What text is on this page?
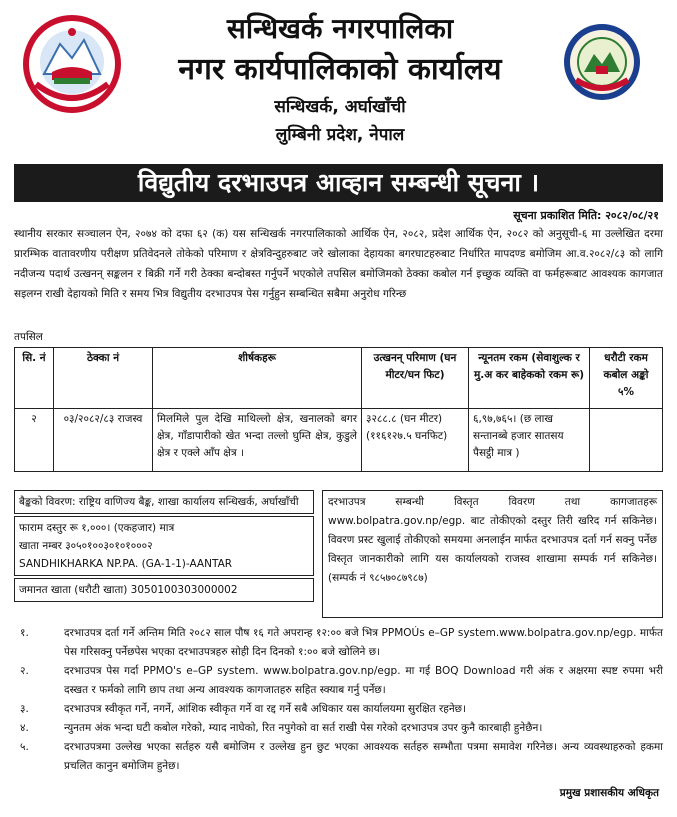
सन्धिखर्क नगरपालिका
नगर कार्यपालिकाको कार्यालय
सन्धिखर्क, अर्घाखाँची
लुम्बिनी प्रदेश, नेपाल
विद्युतीय दरभाउपत्र आव्हान सम्बन्धी सूचना ।
सूचना प्रकाशित मिति: २०८२/०८/२१
स्थानीय सरकार सञ्चालन ऐन, २०७४ को दफा ६२ (क) यस सन्धिखर्क नगरपालिकाको आर्थिक ऐन, २०८२, प्रदेश आर्थिक ऐन, २०८२ को अनुसूची-६ मा उल्लेखित दरमा प्रारम्भिक वातावरणीय परीक्षण प्रतिवेदनले तोकेको परिमाण र क्षेत्रविन्दुहरुबाट जरे खोलाका देहायका बगरघाटहरुबाट निर्धारित मापदण्ड बमोजिम आ.व.२०८२/८३ को लागि नदीजन्य पदार्थ उत्खनन् सङ्कलन र बिक्री गर्ने गरी ठेक्का बन्दोबस्त गर्नुपर्ने भएकोले तपसिल बमोजिमको ठेक्का कबोल गर्न इच्छुक व्यक्ति वा फर्महरूबाट आवश्यक कागजात सइलग्न राखी देहायको मिति र समय भित्र विद्युतीय दरभाउपत्र पेस गर्नुहुन सम्बन्धित सबैमा अनुरोध गरिन्छ
तपसिल
सि. नं	ठेक्का नं	शीर्षकहरू	उत्खनन् परिमाण (घन मीटर/घन फिट)	न्यूनतम रकम (सेवाशुल्क र मु.अ कर बाहेकको रकम रू)	धरौटी रकम कबोल अङ्को ५%
२	०३/२०८२/८३ राजस्व	मिलमिले पुल देखि माथिल्लो क्षेत्र, खनालको बगर क्षेत्र, गाँडापारीको खेत भन्दा तल्लो घुम्ति क्षेत्र, कुडुले क्षेत्र र एक्ले आँप क्षेत्र ।	३२८८.८ (घन मीटर) (११६१२७.५ घनफिट)	६,९७,७६५। (छ लाख सन्तानब्बे हजार सातसय पैसट्ठी मात्र )	
बैङ्कको विवरण: राष्ट्रिय वाणिज्य बैङ्क, शाखा कार्यालय सन्धिखर्क, अर्घाखाँची
फाराम दस्तुर रू १,०००। (एकहजार) मात्र
खाता नम्बर ३०५०१००३०१०१०००२
SANDHIKHARKA NP.PA. (GA-1-1)-AANTAR
जमानत खाता (धरौटी खाता) 3050100303000002
दरभाउपत्र सम्बन्धी विस्तृत विवरण तथा कागजातहरू www.bolpatra.gov.np/egp. बाट तोकीएको दस्तुर तिरी खरिद गर्न सकिनेछ। विवरण प्रस्ट खुलाई तोकीएको समयमा अनलाईन मार्फत दरभाउपत्र दर्ता गर्न सक्नु पर्नेछ विस्तृत जानकारीको लागि यस कार्यालयको राजस्व शाखामा सम्पर्क गर्न सकिनेछ।(सम्पर्क नं ९८५७०८७९८७)
१.	दरभाउपत्र दर्ता गर्ने अन्तिम मिति २०८२ साल पौष १६ गते अपरान्ह १२:०० बजे भित्र PPMOÚs e–GP system.www.bolpatra.gov.np/egp. मार्फत पेस गरिसक्नु पर्नेछपेस भएका दरभाउपत्रहरु सोही दिन दिनको १:०० बजे खोलिने छ।
२.	दरभाउपत्र पेस गर्दा PPMO's e–GP system. www.bolpatra.gov.np/egp. मा गई BOQ Download गरी अंक र अक्षरमा स्पष्ट रुपमा भरी दस्खत र फर्मको लागि छाप तथा अन्य आवश्यक कागजातहरु सहित स्क्याब गर्नु पर्नेछ।
३.	दरभाउपत्र स्वीकृत गर्ने, नगर्ने, आंशिक स्वीकृत गर्ने वा रद्द गर्ने सबै अधिकार यस कार्यालयमा सुरक्षित रहनेछ।
४.	न्युनतम अंक भन्दा घटी कबोल गरेको, म्याद नाघेको, रित नपुगेको वा सर्त राखी पेस गरेको दरभाउपत्र उपर कुनै कारबाही हुनेछैन।
५.	दरभाउपत्रमा उल्लेख भएका सर्तहरु यसै बमोजिम र उल्लेख हुन छुट भएका आवश्यक सर्तहरु सम्भौता पत्रमा समावेश गरिनेछ। अन्य व्यवस्थाहरुको हकमा प्रचलित कानुन बमोजिम हुनेछ।
प्रमुख प्रशासकीय अधिकृत
